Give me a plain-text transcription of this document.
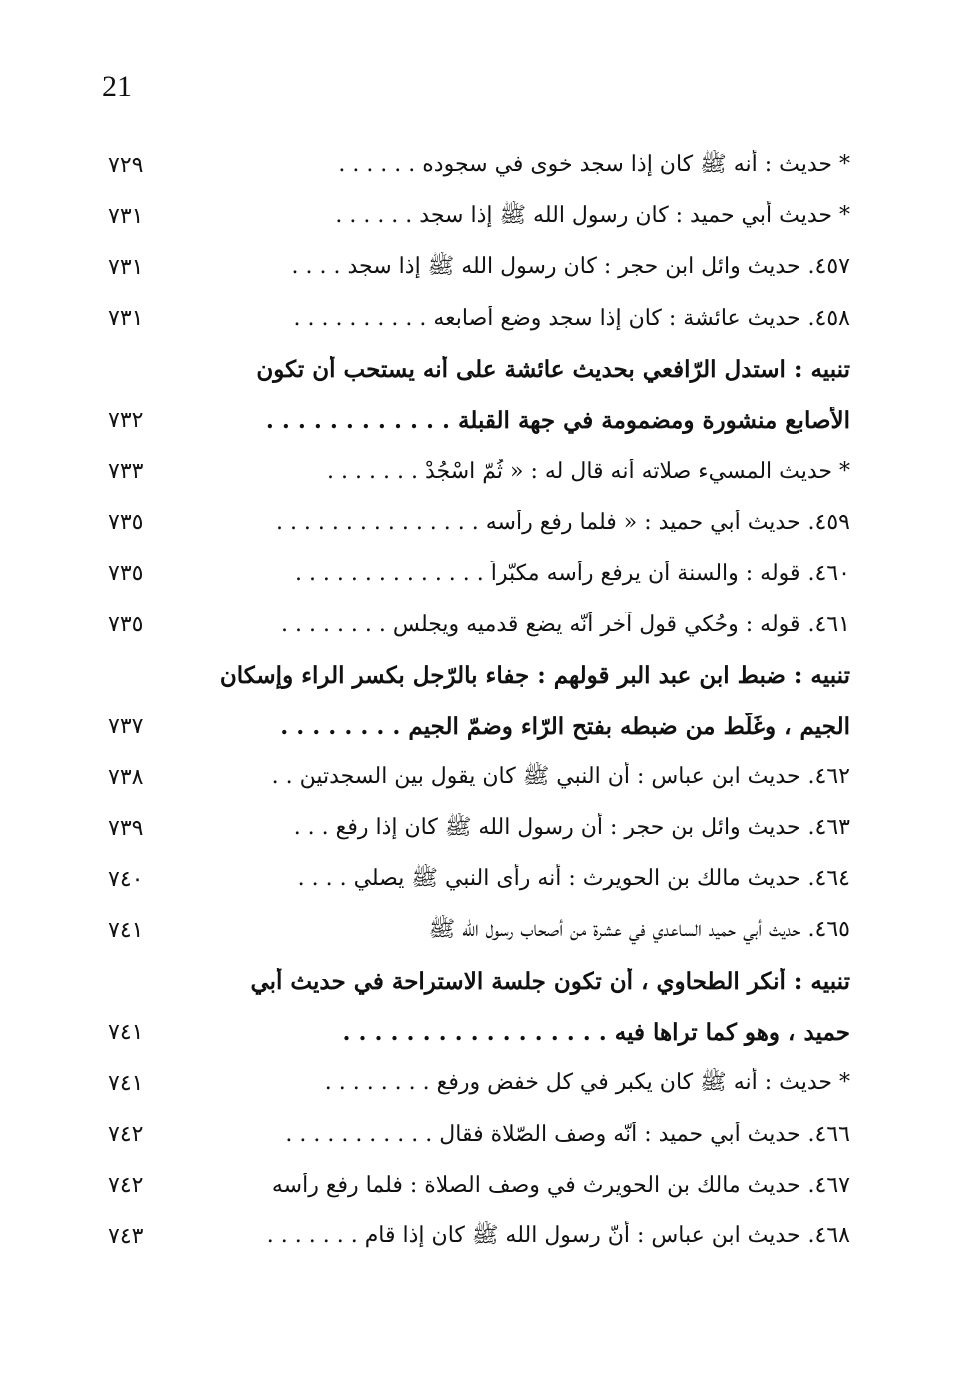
21
٧٢٩	* حديث : أنه ﷺ كان إذا سجد خوى في سجوده . . . . . .
٧٣١	* حديث أبي حميد : كان رسول الله ﷺ إذا سجد . . . . . .
٧٣١	٤٥٧. حديث وائل ابن حجر : كان رسول الله ﷺ إذا سجد . . . .
٧٣١	٤٥٨. حديث عائشة : كان إذا سجد وضع أصابعه . . . . . . . . . .
تنبيه : استدل الرّافعي بحديث عائشة على أنه يستحب أن تكون
٧٣٢	الأصابع منشورة ومضمومة في جهة القبلة . . . . . . . . . . . .
٧٣٣	* حديث المسيء صلاته أنه قال له : « ثُمّ اسْجُدْ . . . . . . .
٧٣٥	٤٥٩. حديث أبي حميد : « فلما رفع رأسه . . . . . . . . . . . . . . .
٧٣٥	٤٦٠. قوله : والسنة أن يرفع رأسه مكبّراً . . . . . . . . . . . . . .
٧٣٥	٤٦١. قوله : وحُكي قول آخر أنّه يضع قدميه ويجلس . . . . . . . .
تنبيه : ضبط ابن عبد البر قولهم : جفاء بالرّجل بكسر الراء وإسكان
٧٣٧	الجيم ، وغَلّط من ضبطه بفتح الرّاء وضمّ الجيم . . . . . . . .
٧٣٨	٤٦٢. حديث ابن عباس : أن النبي ﷺ كان يقول بين السجدتين . .
٧٣٩	٤٦٣. حديث وائل بن حجر : أن رسول الله ﷺ كان إذا رفع . . .
٧٤٠	٤٦٤. حديث مالك بن الحويرث : أنه رأى النبي ﷺ يصلي . . . .
٧٤١	٤٦٥. حديث أبي حميد الساعدي في عشرة من أصحاب رسول الله ﷺ
تنبيه : أنكر الطحاوي ، أن تكون جلسة الاستراحة في حديث أبي
٧٤١	حميد ، وهو كما تراها فيه . . . . . . . . . . . . . . . . .
٧٤١	* حديث : أنه ﷺ كان يكبر في كل خفض ورفع . . . . . . . .
٧٤٢	٤٦٦. حديث أبي حميد : أنّه وصف الصّلاة فقال . . . . . . . . . . .
٧٤٢	٤٦٧. حديث مالك بن الحويرث في وصف الصلاة : فلما رفع رأسه
٧٤٣	٤٦٨. حديث ابن عباس : أنّ رسول الله ﷺ كان إذا قام . . . . . . .
